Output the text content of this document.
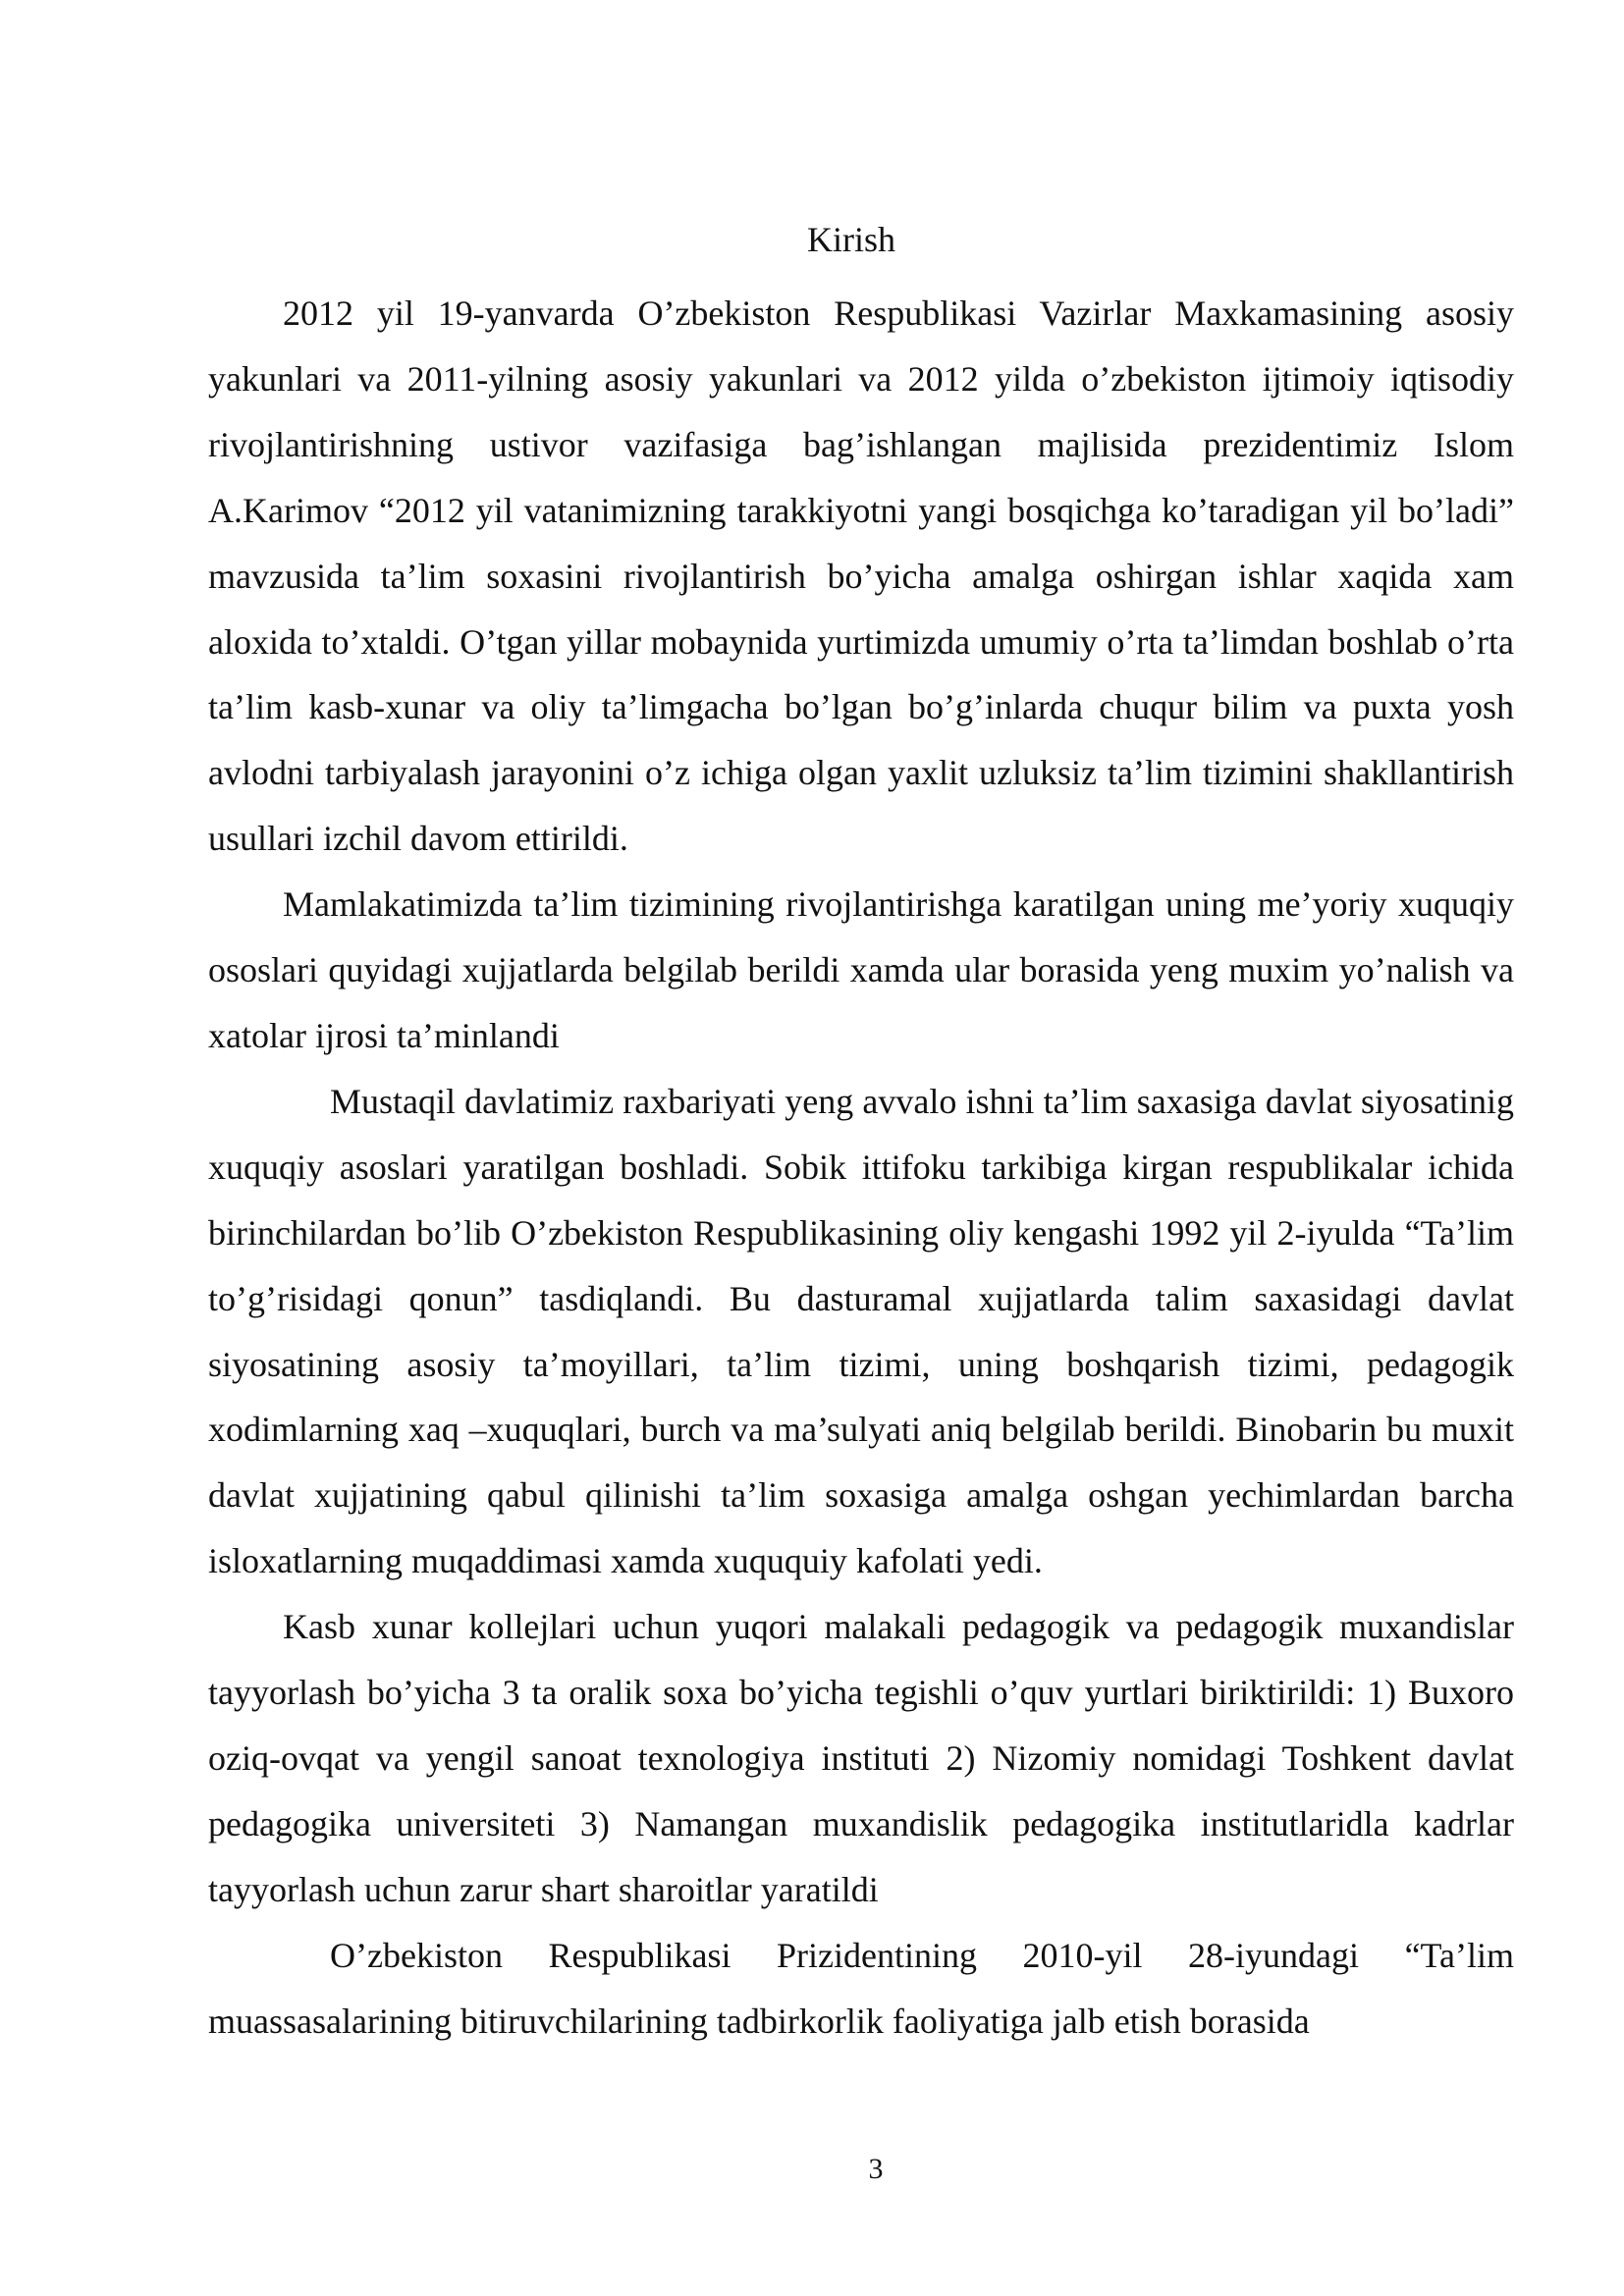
Kirish

2012 yil 19-yanvarda O’zbekiston Respublikasi Vazirlar Maxkamasining asosiy yakunlari va 2011-yilning asosiy yakunlari va 2012 yilda o’zbekiston ijtimoiy iqtisodiy rivojlantirishning ustivor vazifasiga bag’ishlangan majlisida prezidentimiz Islom A.Karimov “2012 yil vatanimizning tarakkiyotni yangi bosqichga ko’taradigan yil bo’ladi” mavzusida ta’lim soxasini rivojlantirish bo’yicha amalga oshirgan ishlar xaqida xam aloxida to’xtaldi. O’tgan yillar mobaynida yurtimizda umumiy o’rta ta’limdan boshlab o’rta ta’lim kasb-xunar va oliy ta’limgacha bo’lgan bo’g’inlarda chuqur bilim va puxta yosh avlodni tarbiyalash jarayonini o’z ichiga olgan yaxlit uzluksiz ta’lim tizimini shakllantirish usullari izchil davom ettirildi.

Mamlakatimizda ta’lim tizimining rivojlantirishga karatilgan uning me’yoriy xuquqiy ososlari quyidagi xujjatlarda belgilab berildi xamda ular borasida yeng muxim yo’nalish va xatolar ijrosi ta’minlandi

Mustaqil davlatimiz raxbariyati yeng avvalo ishni ta’lim saxasiga davlat siyosatinig xuquqiy asoslari yaratilgan boshladi. Sobik ittifoku tarkibiga kirgan respublikalar ichida birinchilardan bo’lib O’zbekiston Respublikasining oliy kengashi 1992 yil 2-iyulda “Ta’lim to’g’risidagi qonun” tasdiqlandi. Bu dasturamal xujjatlarda talim saxasidagi davlat siyosatining asosiy ta’moyillari, ta’lim tizimi, uning boshqarish tizimi, pedagogik xodimlarning xaq –xuquqlari, burch va ma’sulyati aniq belgilab berildi. Binobarin bu muxit davlat xujjatining qabul qilinishi ta’lim soxasiga amalga oshgan yechimlardan barcha isloxatlarning muqaddimasi xamda xuququiy kafolati yedi.

Kasb xunar kollejlari uchun yuqori malakali pedagogik va pedagogik muxandislar tayyorlash bo’yicha 3 ta oralik soxa bo’yicha tegishli o’quv yurtlari biriktirildi: 1) Buxoro oziq-ovqat va yengil sanoat texnologiya instituti 2) Nizomiy nomidagi Toshkent davlat pedagogika universiteti 3) Namangan muxandislik pedagogika institutlaridla kadrlar tayyorlash uchun zarur shart sharoitlar yaratildi

O’zbekiston Respublikasi Prizidentining 2010-yil 28-iyundagi “Ta’lim muassasalarining bitiruvchilarining tadbirkorlik faoliyatiga jalb etish borasida

3
